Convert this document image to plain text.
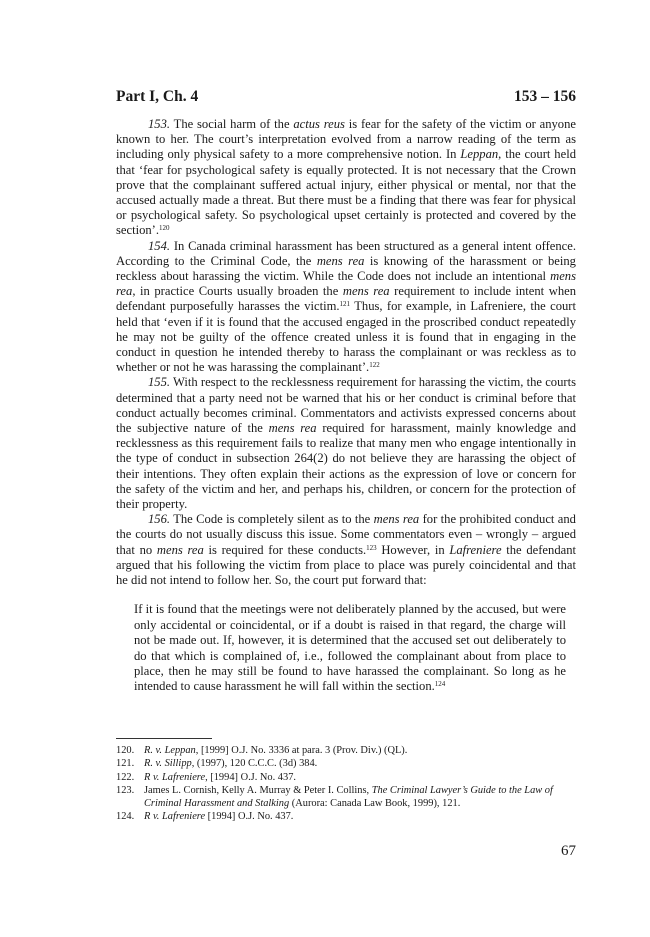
Part I, Ch. 4	153 – 156

153. The social harm of the actus reus is fear for the safety of the victim or anyone known to her. The court’s interpretation evolved from a narrow reading of the term as including only physical safety to a more comprehensive notion. In Leppan, the court held that ‘fear for psychological safety is equally protected. It is not necessary that the Crown prove that the complainant suffered actual injury, either physical or mental, nor that the accused actually made a threat. But there must be a finding that there was fear for physical or psychological safety. So psychological upset certainly is protected and covered by the section’.$^{120}$

154. In Canada criminal harassment has been structured as a general intent offence. According to the Criminal Code, the mens rea is knowing of the harassment or being reckless about harassing the victim. While the Code does not include an intentional mens rea, in practice Courts usually broaden the mens rea requirement to include intent when defendant purposefully harasses the victim.$^{121}$ Thus, for example, in Lafreniere, the court held that ‘even if it is found that the accused engaged in the proscribed conduct repeatedly he may not be guilty of the offence created unless it is found that in engaging in the conduct in question he intended thereby to harass the complainant or was reckless as to whether or not he was harassing the complainant’.$^{122}$

155. With respect to the recklessness requirement for harassing the victim, the courts determined that a party need not be warned that his or her conduct is criminal before that conduct actually becomes criminal. Commentators and activists expressed concerns about the subjective nature of the mens rea required for harassment, mainly knowledge and recklessness as this requirement fails to realize that many men who engage intentionally in the type of conduct in subsection 264(2) do not believe they are harassing the object of their intentions. They often explain their actions as the expression of love or concern for the safety of the victim and her, and perhaps his, children, or concern for the protection of their property.

156. The Code is completely silent as to the mens rea for the prohibited conduct and the courts do not usually discuss this issue. Some commentators even – wrongly – argued that no mens rea is required for these conducts.$^{123}$ However, in Lafreniere the defendant argued that his following the victim from place to place was purely coincidental and that he did not intend to follow her. So, the court put forward that:

If it is found that the meetings were not deliberately planned by the accused, but were only accidental or coincidental, or if a doubt is raised in that regard, the charge will not be made out. If, however, it is determined that the accused set out deliberately to do that which is complained of, i.e., followed the complainant about from place to place, then he may still be found to have harassed the complainant. So long as he intended to cause harassment he will fall within the section.$^{124}$

120. R. v. Leppan, [1999] O.J. No. 3336 at para. 3 (Prov. Div.) (QL).

121. R. v. Sillipp, (1997), 120 C.C.C. (3d) 384.

122. R v. Lafreniere, [1994] O.J. No. 437.

123. James L. Cornish, Kelly A. Murray & Peter I. Collins, The Criminal Lawyer’s Guide to the Law of Criminal Harassment and Stalking (Aurora: Canada Law Book, 1999), 121.

124. R v. Lafreniere [1994] O.J. No. 437.

67
